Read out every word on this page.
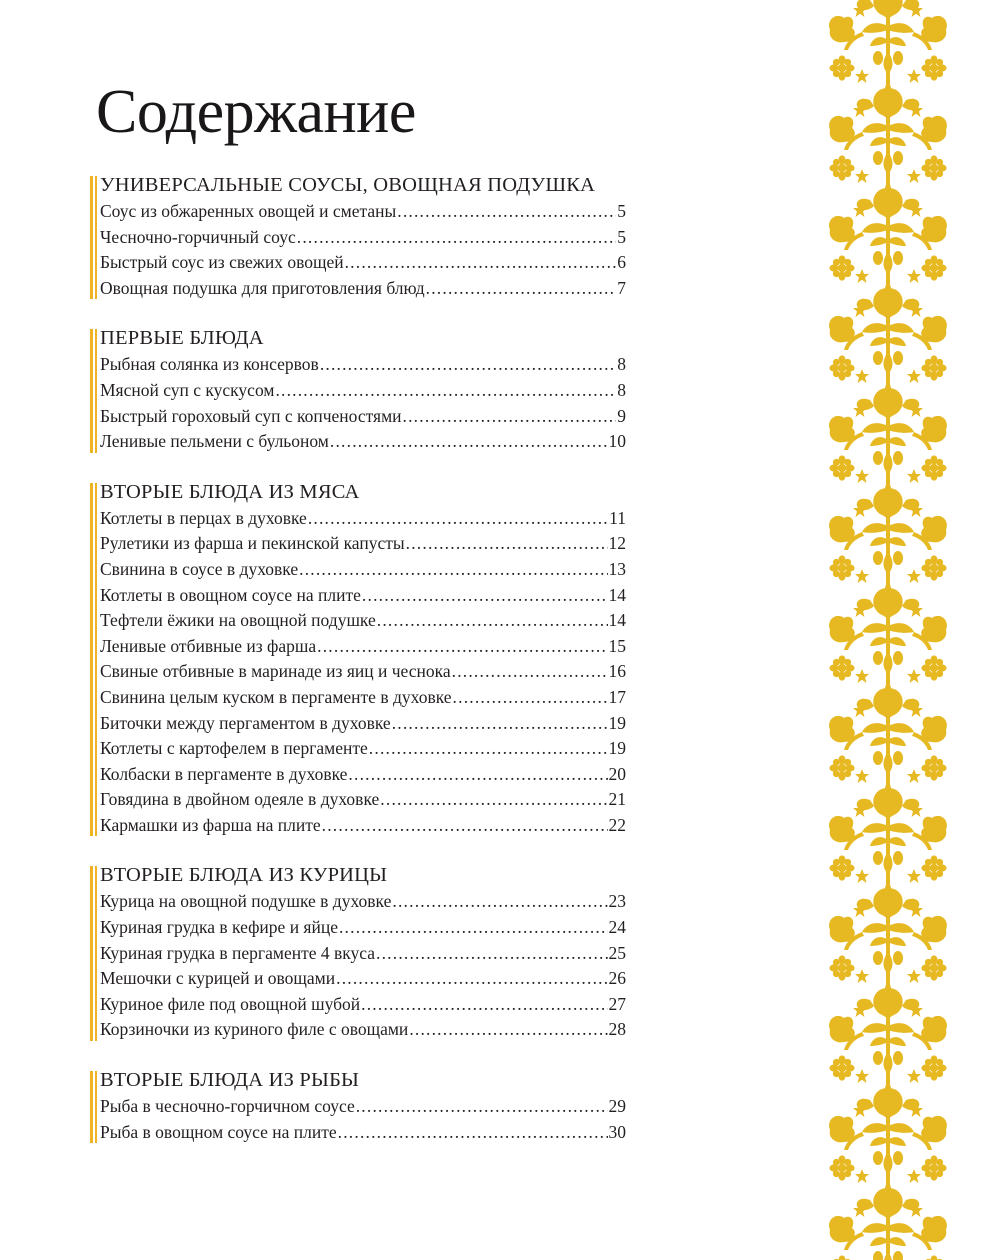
Содержание
УНИВЕРСАЛЬНЫЕ СОУСЫ, ОВОЩНАЯ ПОДУШКА
Соус из обжаренных овощей и сметаны .....	5
Чесночно-горчичный соус .....	5
Быстрый соус из свежих овощей .....	6
Овощная подушка для приготовления блюд .....	7
ПЕРВЫЕ БЛЮДА
Рыбная солянка из консервов .....	8
Мясной суп с кускусом .....	8
Быстрый гороховый суп с копченостями .....	9
Ленивые пельмени с бульоном .....	10
ВТОРЫЕ БЛЮДА ИЗ МЯСА
Котлеты в перцах в духовке .....	11
Рулетики из фарша и пекинской капусты .....	12
Свинина в соусе в духовке .....	13
Котлеты в овощном соусе на плите .....	14
Тефтели ёжики на овощной подушке .....	14
Ленивые отбивные из фарша .....	15
Свиные отбивные в маринаде из яиц и чеснока .....	16
Свинина целым куском в пергаменте в духовке .....	17
Биточки между пергаментом в духовке .....	19
Котлеты с картофелем в пергаменте .....	19
Колбаски в пергаменте в духовке .....	20
Говядина в двойном одеяле в духовке .....	21
Кармашки из фарша на плите .....	22
ВТОРЫЕ БЛЮДА ИЗ КУРИЦЫ
Курица на овощной подушке в духовке .....	23
Куриная грудка в кефире и яйце .....	24
Куриная грудка в пергаменте 4 вкуса .....	25
Мешочки с курицей и овощами .....	26
Куриное филе под овощной шубой .....	27
Корзиночки из куриного филе с овощами .....	28
ВТОРЫЕ БЛЮДА ИЗ РЫБЫ
Рыба в чесночно-горчичном соусе .....	29
Рыба в овощном соусе на плите .....	30
